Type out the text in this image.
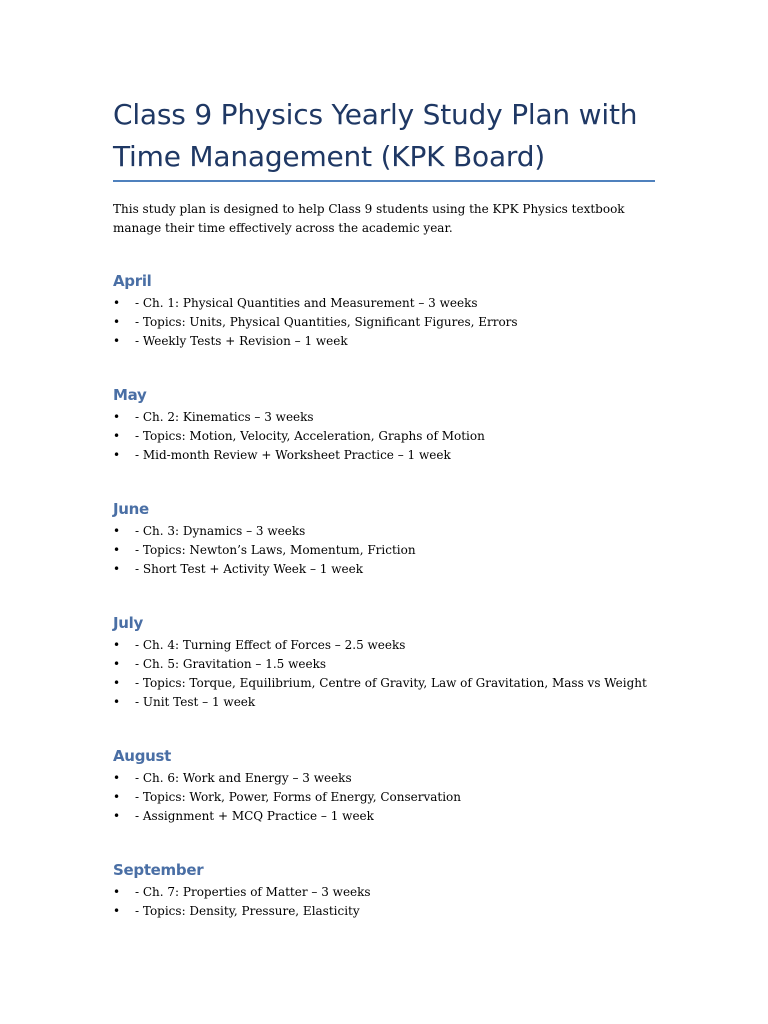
Class 9 Physics Yearly Study Plan with Time Management (KPK Board)

This study plan is designed to help Class 9 students using the KPK Physics textbook manage their time effectively across the academic year.

April
• - Ch. 1: Physical Quantities and Measurement – 3 weeks
• - Topics: Units, Physical Quantities, Significant Figures, Errors
• - Weekly Tests + Revision – 1 week
May
• - Ch. 2: Kinematics – 3 weeks
• - Topics: Motion, Velocity, Acceleration, Graphs of Motion
• - Mid-month Review + Worksheet Practice – 1 week
June
• - Ch. 3: Dynamics – 3 weeks
• - Topics: Newton’s Laws, Momentum, Friction
• - Short Test + Activity Week – 1 week
July
• - Ch. 4: Turning Effect of Forces – 2.5 weeks
• - Ch. 5: Gravitation – 1.5 weeks
• - Topics: Torque, Equilibrium, Centre of Gravity, Law of Gravitation, Mass vs Weight
• - Unit Test – 1 week
August
• - Ch. 6: Work and Energy – 3 weeks
• - Topics: Work, Power, Forms of Energy, Conservation
• - Assignment + MCQ Practice – 1 week
September
• - Ch. 7: Properties of Matter – 3 weeks
• - Topics: Density, Pressure, Elasticity
